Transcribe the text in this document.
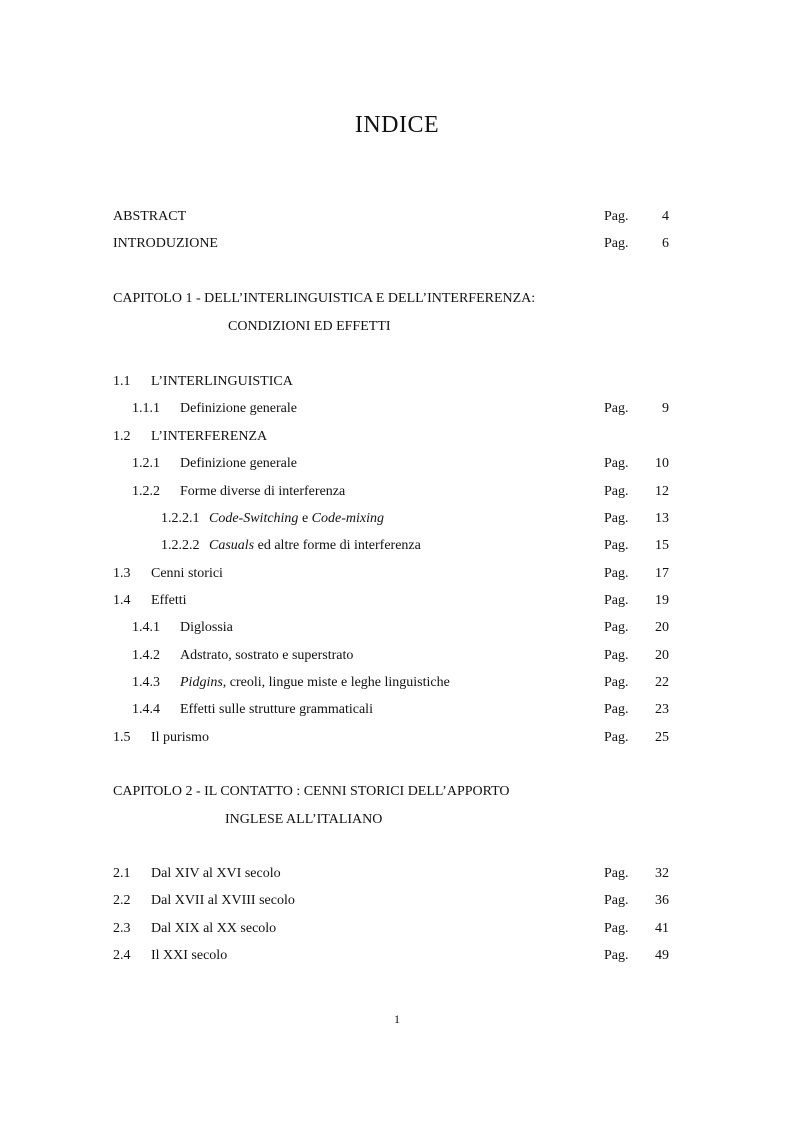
INDICE
ABSTRACT	Pag. 4
INTRODUZIONE	Pag. 6
CAPITOLO 1 - DELL’INTERLINGUISTICA E DELL’INTERFERENZA:
CONDIZIONI ED EFFETTI
1.1 L’INTERLINGUISTICA
1.1.1 Definizione generale	Pag. 9
1.2 L’INTERFERENZA
1.2.1 Definizione generale	Pag. 10
1.2.2 Forme diverse di interferenza	Pag. 12
1.2.2.1 Code-Switching e Code-mixing	Pag. 13
1.2.2.2 Casuals ed altre forme di interferenza	Pag. 15
1.3 Cenni storici	Pag. 17
1.4 Effetti	Pag. 19
1.4.1 Diglossia	Pag. 20
1.4.2 Adstrato, sostrato e superstrato	Pag. 20
1.4.3 Pidgins, creoli, lingue miste e leghe linguistiche	Pag. 22
1.4.4 Effetti sulle strutture grammaticali	Pag. 23
1.5 Il purismo	Pag. 25
CAPITOLO 2 - IL CONTATTO : CENNI STORICI DELL’APPORTO
INGLESE ALL’ITALIANO
2.1 Dal XIV al XVI secolo	Pag. 32
2.2 Dal XVII al XVIII secolo	Pag. 36
2.3 Dal XIX al XX secolo	Pag. 41
2.4 Il XXI secolo	Pag. 49
1
